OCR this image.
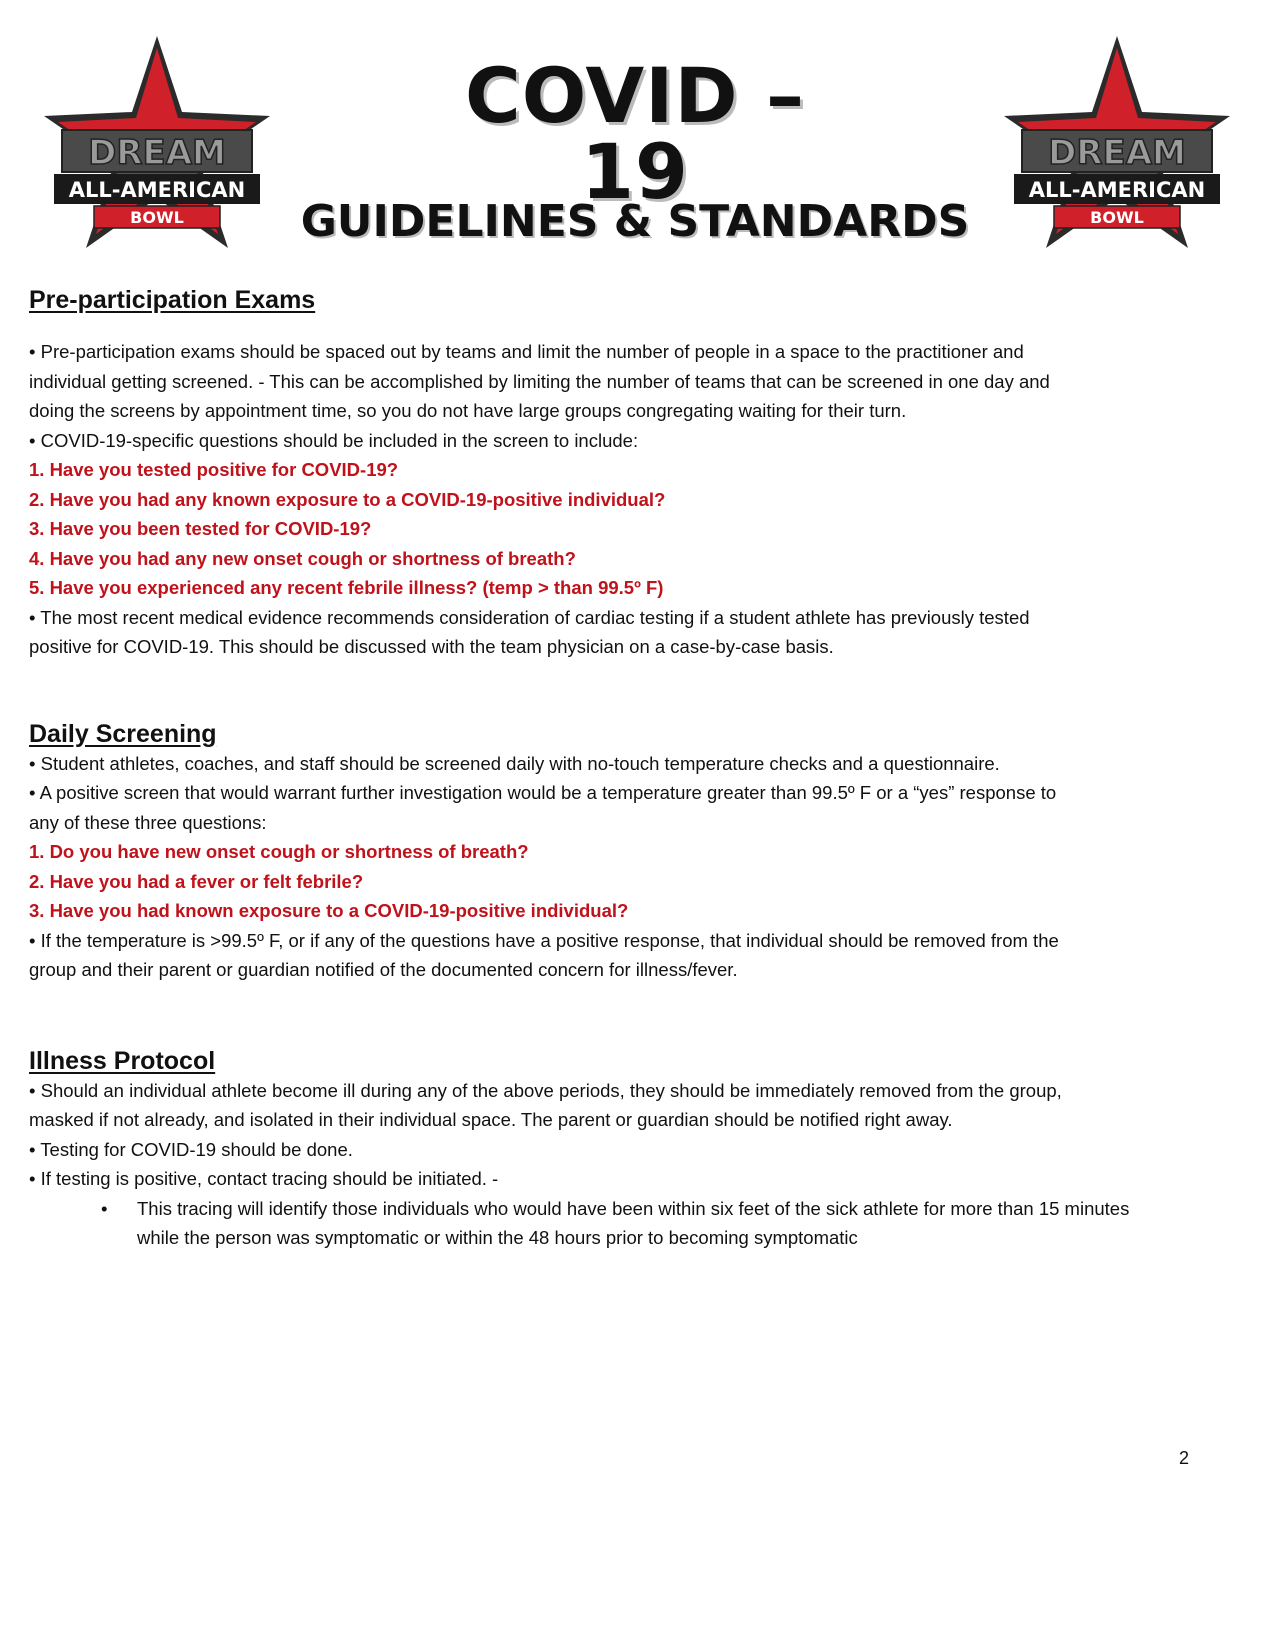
DREAM
ALL-AMERICAN
BOWL
COVID – 19
GUIDELINES & STANDARDS
DREAM
ALL-AMERICAN
BOWL
Pre-participation Exams
• Pre-participation exams should be spaced out by teams and limit the number of people in a space to the practitioner and
individual getting screened. - This can be accomplished by limiting the number of teams that can be screened in one day and
doing the screens by appointment time, so you do not have large groups congregating waiting for their turn.
• COVID-19-specific questions should be included in the screen to include:
1. Have you tested positive for COVID-19?
2. Have you had any known exposure to a COVID-19-positive individual?
3. Have you been tested for COVID-19?
4. Have you had any new onset cough or shortness of breath?
5. Have you experienced any recent febrile illness? (temp > than 99.5º F)
• The most recent medical evidence recommends consideration of cardiac testing if a student athlete has previously tested
positive for COVID-19. This should be discussed with the team physician on a case-by-case basis.
Daily Screening
• Student athletes, coaches, and staff should be screened daily with no-touch temperature checks and a questionnaire.
• A positive screen that would warrant further investigation would be a temperature greater than 99.5º F or a “yes” response to
any of these three questions:
1. Do you have new onset cough or shortness of breath?
2. Have you had a fever or felt febrile?
3. Have you had known exposure to a COVID-19-positive individual?
• If the temperature is >99.5º F, or if any of the questions have a positive response, that individual should be removed from the
group and their parent or guardian notified of the documented concern for illness/fever.
Illness Protocol
• Should an individual athlete become ill during any of the above periods, they should be immediately removed from the group,
masked if not already, and isolated in their individual space. The parent or guardian should be notified right away.
• Testing for COVID-19 should be done.
• If testing is positive, contact tracing should be initiated. -
•	This tracing will identify those individuals who would have been within six feet of the sick athlete for more than 15 minutes while the person was symptomatic or within the 48 hours prior to becoming symptomatic
2
